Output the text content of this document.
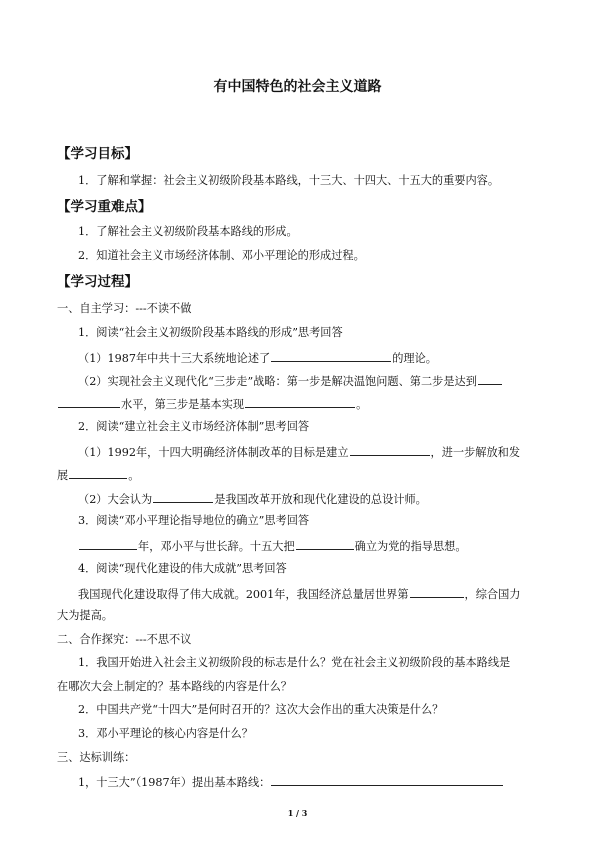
有中国特色的社会主义道路
【学习目标】
1．了解和掌握：社会主义初级阶段基本路线，十三大、十四大、十五大的重要内容。
【学习重难点】
1．了解社会主义初级阶段基本路线的形成。
2．知道社会主义市场经济体制、邓小平理论的形成过程。
【学习过程】
一、自主学习：---不读不做
1．阅读“社会主义初级阶段基本路线的形成”思考回答
（1）1987年中共十三大系统地论述了	的理论。
（2）实现社会主义现代化“三步走”战略：第一步是解决温饱问题、第二步是达到
水平，第三步是基本实现	。
2．阅读“建立社会主义市场经济体制”思考回答
（1）1992年，十四大明确经济体制改革的目标是建立	，进一步解放和发
展	。
（2）大会认为	是我国改革开放和现代化建设的总设计师。
3．阅读“邓小平理论指导地位的确立”思考回答
年，邓小平与世长辞。十五大把	确立为党的指导思想。
4．阅读“现代化建设的伟大成就”思考回答
我国现代化建设取得了伟大成就。2001年，我国经济总量居世界第	，综合国力
大为提高。
二、合作探究：---不思不议
1．我国开始进入社会主义初级阶段的标志是什么？党在社会主义初级阶段的基本路线是
在哪次大会上制定的？基本路线的内容是什么？
2．中国共产党“十四大”是何时召开的？这次大会作出的重大决策是什么？
3．邓小平理论的核心内容是什么？
三、达标训练：
1，十三大”（1987年）提出基本路线：
1 / 3
